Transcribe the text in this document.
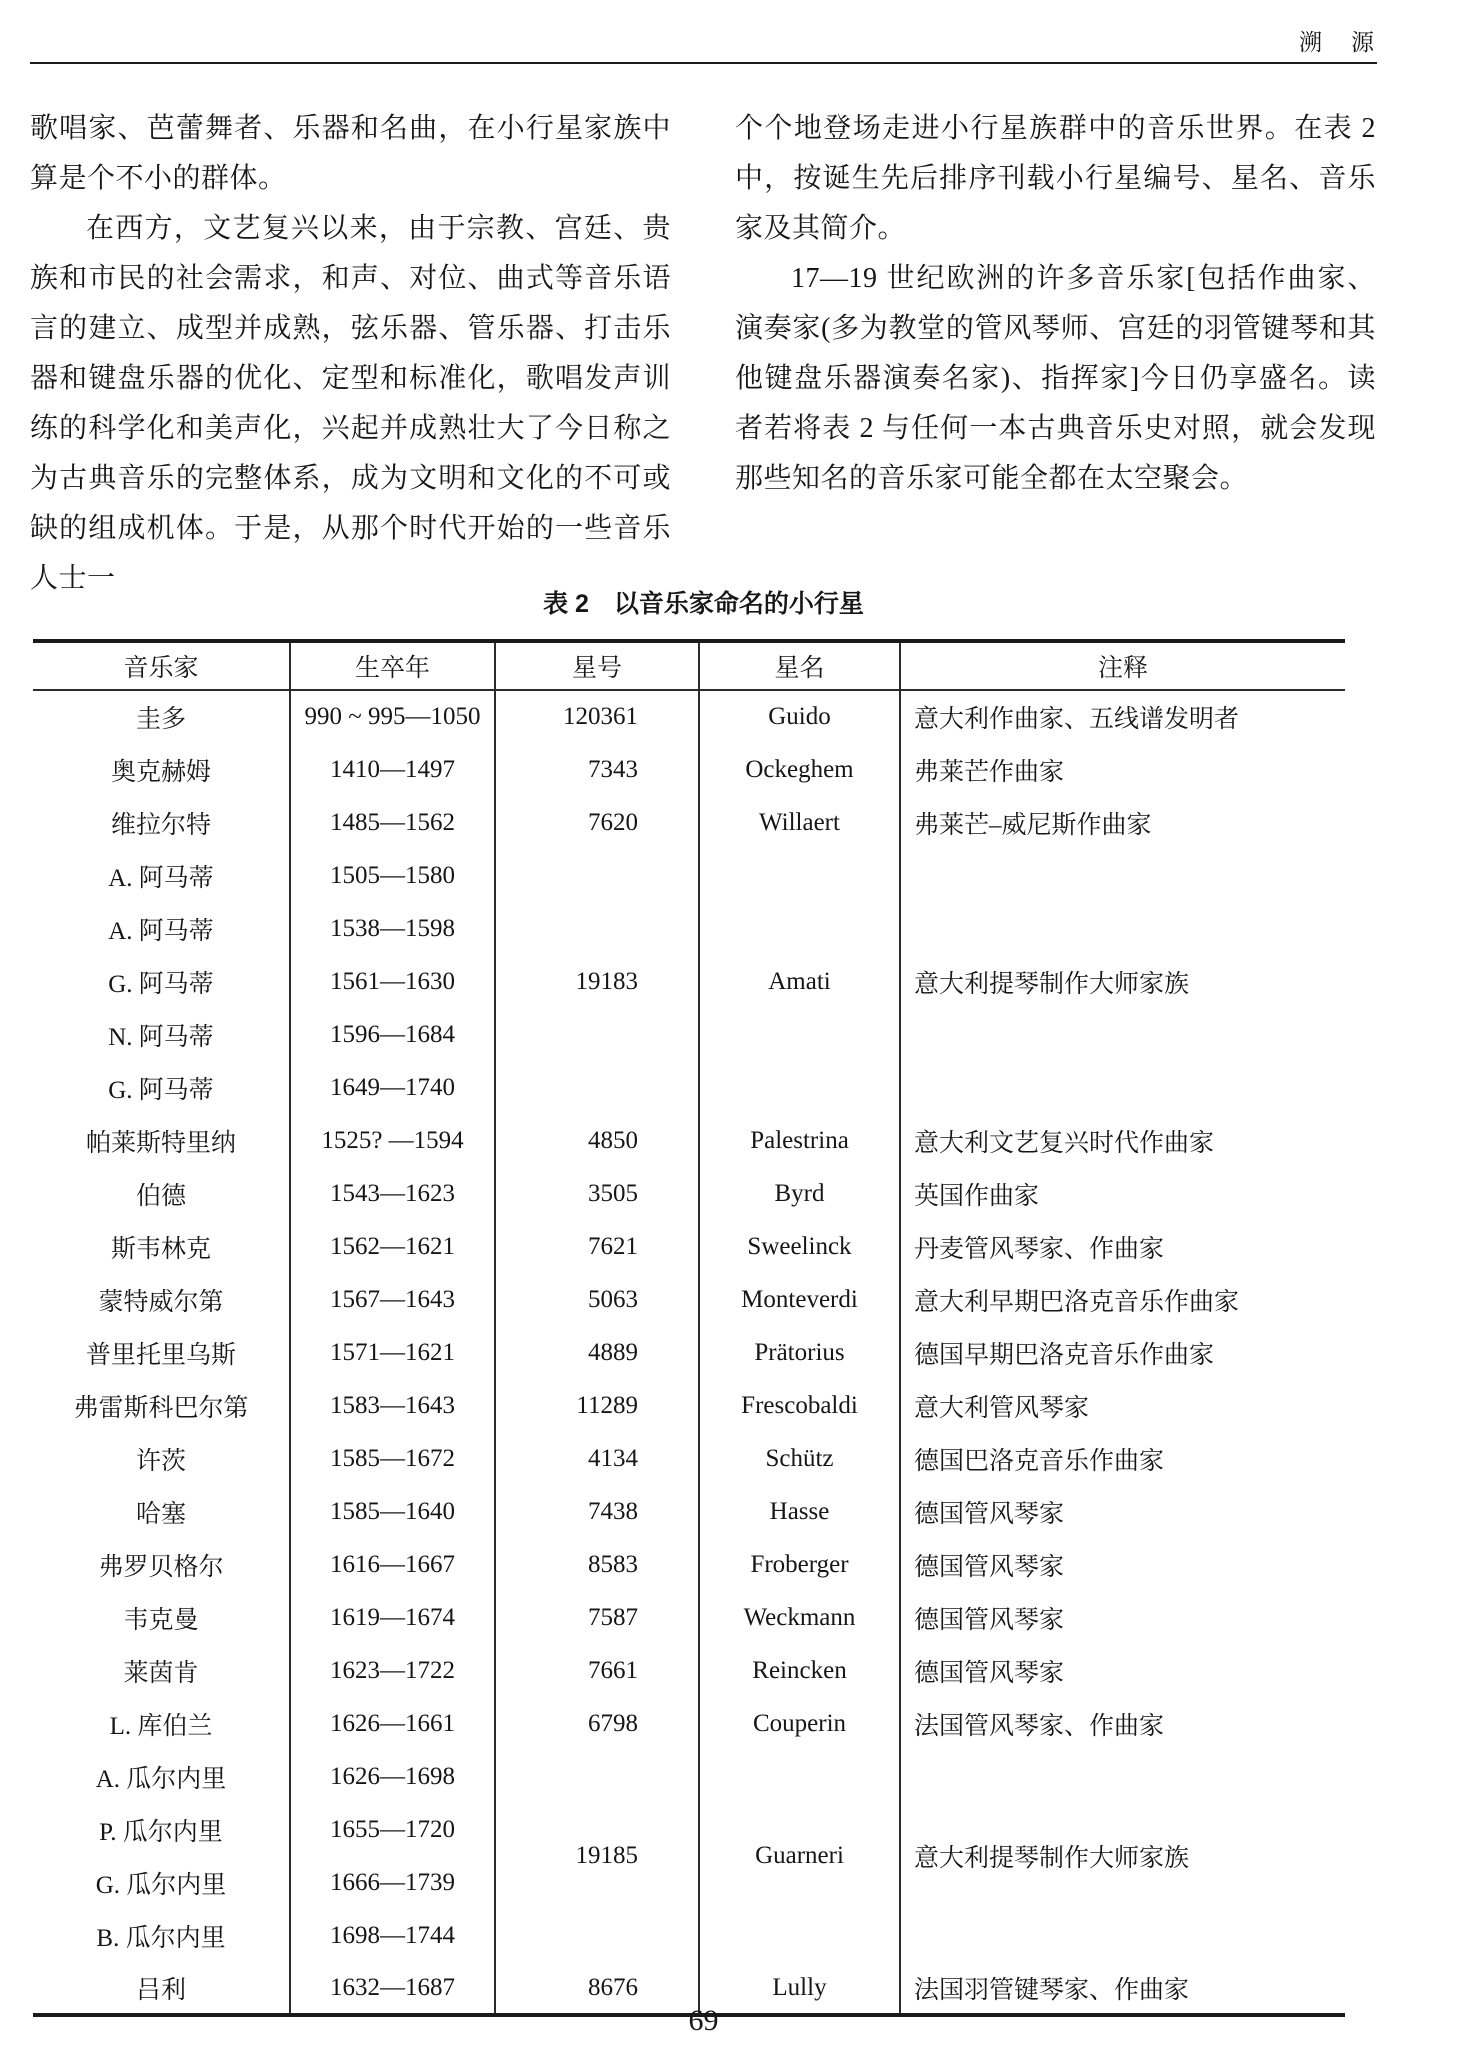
溯　源

歌唱家、芭蕾舞者、乐器和名曲，在小行星家族中算是个不小的群体。

在西方，文艺复兴以来，由于宗教、宫廷、贵族和市民的社会需求，和声、对位、曲式等音乐语言的建立、成型并成熟，弦乐器、管乐器、打击乐器和键盘乐器的优化、定型和标准化，歌唱发声训练的科学化和美声化，兴起并成熟壮大了今日称之为古典音乐的完整体系，成为文明和文化的不可或缺的组成机体。于是，从那个时代开始的一些音乐人士一

个个地登场走进小行星族群中的音乐世界。在表 2 中，按诞生先后排序刊载小行星编号、星名、音乐家及其简介。

17—19 世纪欧洲的许多音乐家[包括作曲家、演奏家(多为教堂的管风琴师、宫廷的羽管键琴和其他键盘乐器演奏名家)、指挥家]今日仍享盛名。读者若将表 2 与任何一本古典音乐史对照，就会发现那些知名的音乐家可能全都在太空聚会。

表 2　以音乐家命名的小行星
音乐家	生卒年	星号	星名	注释
圭多	990 ~ 995—1050	120361	Guido	意大利作曲家、五线谱发明者
奥克赫姆	1410—1497	7343	Ockeghem	弗莱芒作曲家
维拉尔特	1485—1562	7620	Willaert	弗莱芒–威尼斯作曲家
A. 阿马蒂	1505—1580	19183	Amati	意大利提琴制作大师家族
A. 阿马蒂	1538—1598			
G. 阿马蒂	1561—1630			
N. 阿马蒂	1596—1684			
G. 阿马蒂	1649—1740			
帕莱斯特里纳	1525? —1594	4850	Palestrina	意大利文艺复兴时代作曲家
伯德	1543—1623	3505	Byrd	英国作曲家
斯韦林克	1562—1621	7621	Sweelinck	丹麦管风琴家、作曲家
蒙特威尔第	1567—1643	5063	Monteverdi	意大利早期巴洛克音乐作曲家
普里托里乌斯	1571—1621	4889	Prätorius	德国早期巴洛克音乐作曲家
弗雷斯科巴尔第	1583—1643	11289	Frescobaldi	意大利管风琴家
许茨	1585—1672	4134	Schütz	德国巴洛克音乐作曲家
哈塞	1585—1640	7438	Hasse	德国管风琴家
弗罗贝格尔	1616—1667	8583	Froberger	德国管风琴家
韦克曼	1619—1674	7587	Weckmann	德国管风琴家
莱茵肯	1623—1722	7661	Reincken	德国管风琴家
L. 库伯兰	1626—1661	6798	Couperin	法国管风琴家、作曲家
A. 瓜尔内里	1626—1698	19185	Guarneri	意大利提琴制作大师家族
P. 瓜尔内里	1655—1720			
G. 瓜尔内里	1666—1739			
B. 瓜尔内里	1698—1744			
吕利	1632—1687	8676	Lully	法国羽管键琴家、作曲家
69
